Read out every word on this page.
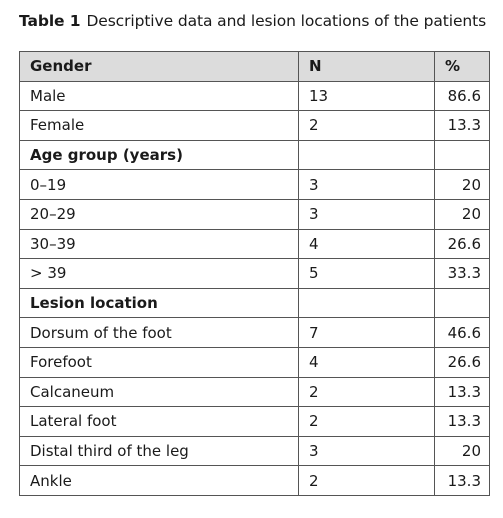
Table 1 Descriptive data and lesion locations of the patients
Gender	N	%
Male	13	86.6
Female	2	13.3
Age group (years)		
0–19	3	20
20–29	3	20
30–39	4	26.6
> 39	5	33.3
Lesion location		
Dorsum of the foot	7	46.6
Forefoot	4	26.6
Calcaneum	2	13.3
Lateral foot	2	13.3
Distal third of the leg	3	20
Ankle	2	13.3
